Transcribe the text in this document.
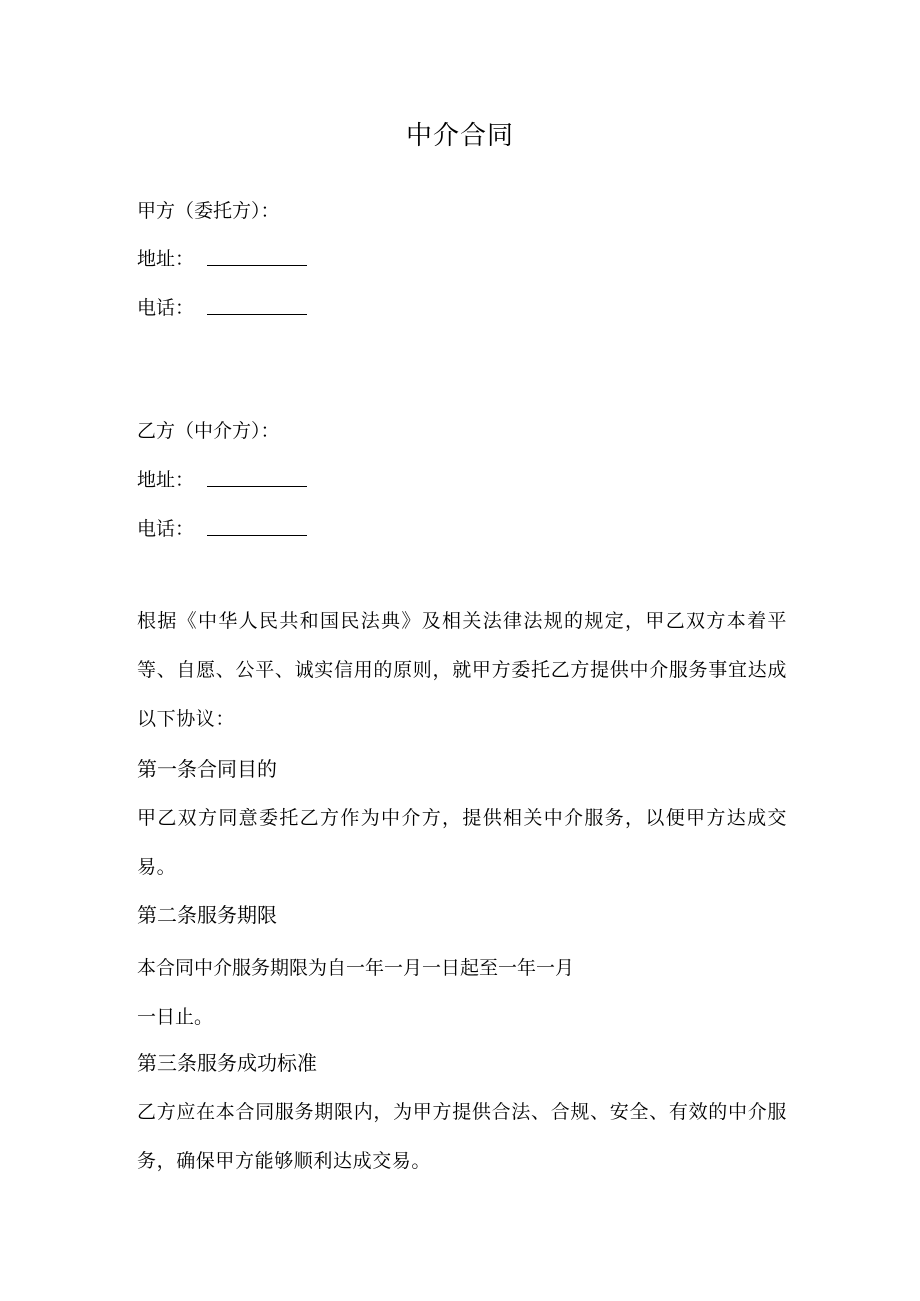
中介合同
甲方（委托方）：
地址：
电话：
乙方（中介方）：
地址：
电话：
根据《中华人民共和国民法典》及相关法律法规的规定，甲乙双方本着平等、自愿、公平、诚实信用的原则，就甲方委托乙方提供中介服务事宜达成以下协议：
第一条合同目的
甲乙双方同意委托乙方作为中介方，提供相关中介服务，以便甲方达成交易。
第二条服务期限
本合同中介服务期限为自一年一月一日起至一年一月
一日止。
第三条服务成功标准
乙方应在本合同服务期限内，为甲方提供合法、合规、安全、有效的中介服务，确保甲方能够顺利达成交易。
